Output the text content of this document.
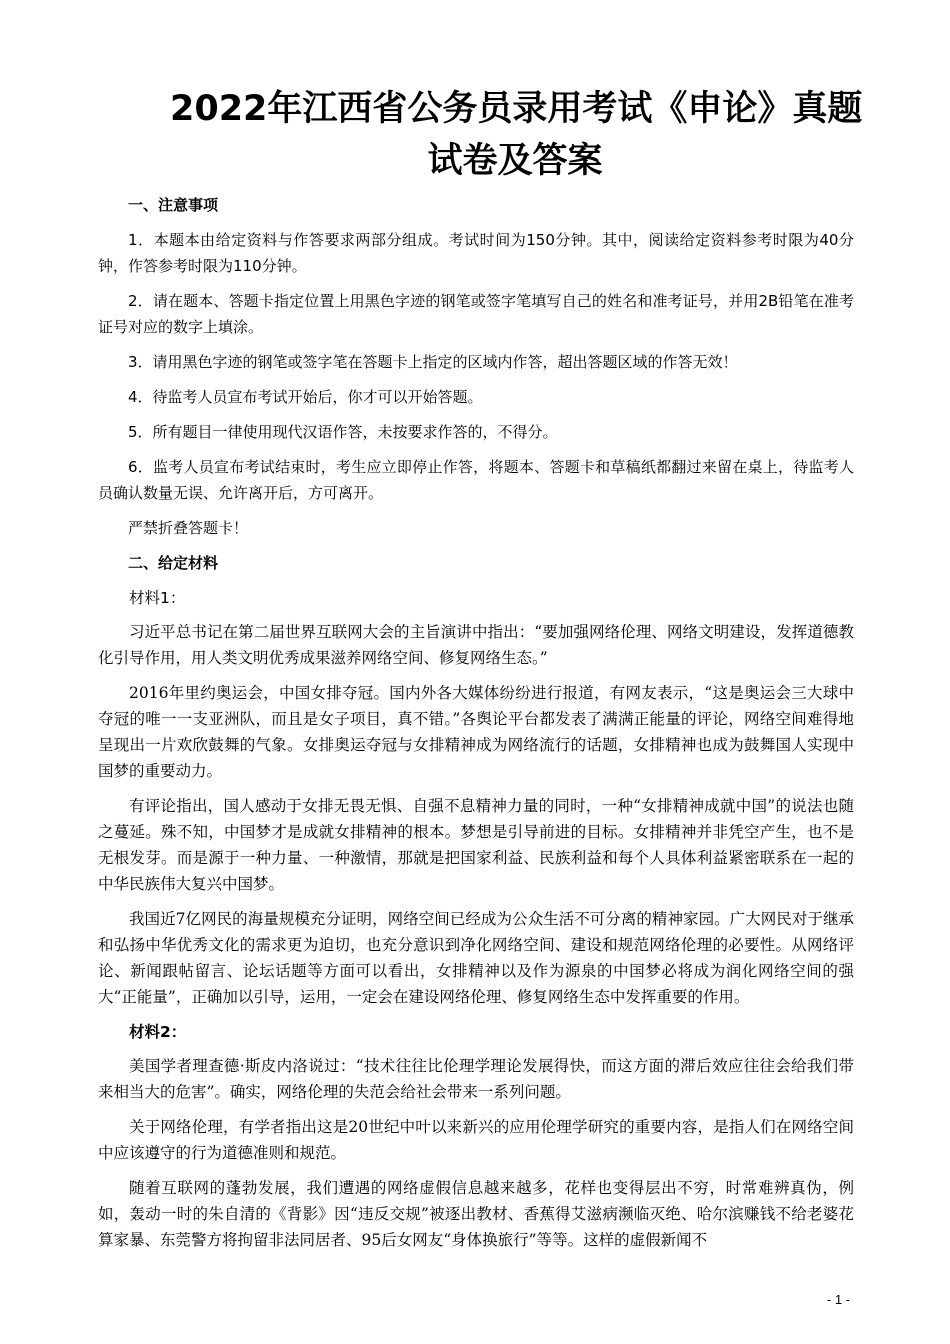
2022年江西省公务员录用考试《申论》真题
试卷及答案

一、注意事项

1．本题本由给定资料与作答要求两部分组成。考试时间为150分钟。其中，阅读给定资料参考时限为40分钟，作答参考时限为110分钟。

2．请在题本、答题卡指定位置上用黑色字迹的钢笔或签字笔填写自己的姓名和准考证号，并用2B铅笔在准考证号对应的数字上填涂。

3．请用黑色字迹的钢笔或签字笔在答题卡上指定的区域内作答，超出答题区域的作答无效！

4．待监考人员宣布考试开始后，你才可以开始答题。

5．所有题目一律使用现代汉语作答，未按要求作答的，不得分。

6．监考人员宣布考试结束时，考生应立即停止作答，将题本、答题卡和草稿纸都翻过来留在桌上，待监考人员确认数量无误、允许离开后，方可离开。

严禁折叠答题卡！

二、给定材料

材料1：

习近平总书记在第二届世界互联网大会的主旨演讲中指出：“要加强网络伦理、网络文明建设，发挥道德教化引导作用，用人类文明优秀成果滋养网络空间、修复网络生态。”

2016年里约奥运会，中国女排夺冠。国内外各大媒体纷纷进行报道，有网友表示，“这是奥运会三大球中夺冠的唯一一支亚洲队，而且是女子项目，真不错。”各舆论平台都发表了满满正能量的评论，网络空间难得地呈现出一片欢欣鼓舞的气象。女排奥运夺冠与女排精神成为网络流行的话题，女排精神也成为鼓舞国人实现中国梦的重要动力。

有评论指出，国人感动于女排无畏无惧、自强不息精神力量的同时，一种“女排精神成就中国”的说法也随之蔓延。殊不知，中国梦才是成就女排精神的根本。梦想是引导前进的目标。女排精神并非凭空产生，也不是无根发芽。而是源于一种力量、一种激情，那就是把国家利益、民族利益和每个人具体利益紧密联系在一起的中华民族伟大复兴中国梦。

我国近7亿网民的海量规模充分证明，网络空间已经成为公众生活不可分离的精神家园。广大网民对于继承和弘扬中华优秀文化的需求更为迫切，也充分意识到净化网络空间、建设和规范网络伦理的必要性。从网络评论、新闻跟帖留言、论坛话题等方面可以看出，女排精神以及作为源泉的中国梦必将成为润化网络空间的强大“正能量”，正确加以引导，运用，一定会在建设网络伦理、修复网络生态中发挥重要的作用。

材料2：

美国学者理查德·斯皮内洛说过：“技术往往比伦理学理论发展得快，而这方面的滞后效应往往会给我们带来相当大的危害”。确实，网络伦理的失范会给社会带来一系列问题。

关于网络伦理，有学者指出这是20世纪中叶以来新兴的应用伦理学研究的重要内容，是指人们在网络空间中应该遵守的行为道德准则和规范。

随着互联网的蓬勃发展，我们遭遇的网络虚假信息越来越多，花样也变得层出不穷，时常难辨真伪，例如，轰动一时的朱自清的《背影》因“违反交规”被逐出教材、香蕉得艾滋病濒临灭绝、哈尔滨赚钱不给老婆花算家暴、东莞警方将拘留非法同居者、95后女网友“身体换旅行”等等。这样的虚假新闻不

- 1 -
